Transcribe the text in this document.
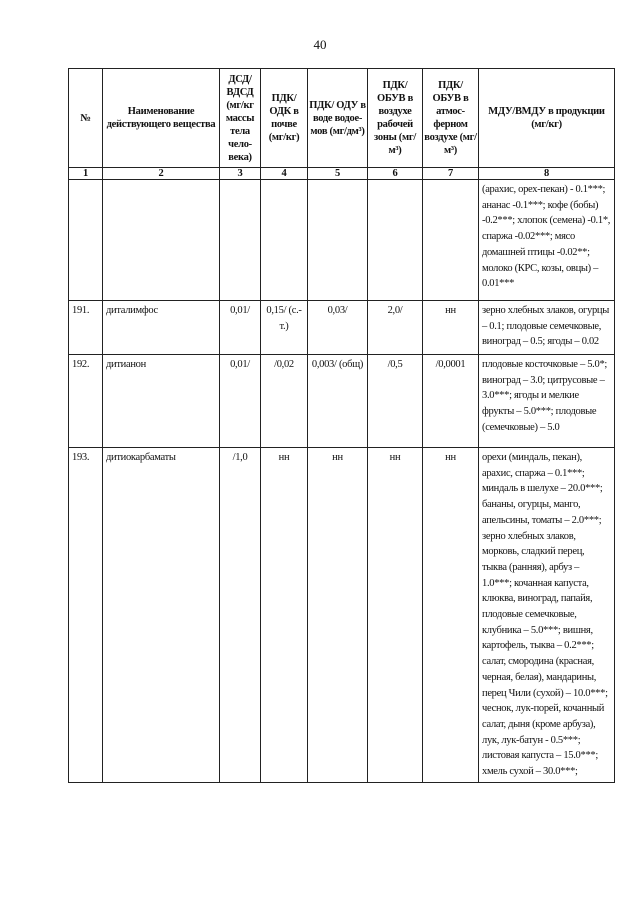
40
№	Наименование действующего вещества	ДСД/ ВДСД (мг/кг массы тела чело- века)	ПДК/ ОДК в почве (мг/кг)	ПДК/ ОДУ в воде водое- мов (мг/дм³)	ПДК/ ОБУВ в воздухе рабочей зоны (мг/м³)	ПДК/ ОБУВ в атмос- ферном воздухе (мг/м³)	МДУ/ВМДУ в продукции (мг/кг)
1	2	3	4	5	6	7	8
							(арахис, орех-пекан) - 0.1***; ананас -0.1***; кофе (бобы) -0.2***; хлопок (семена) -0.1*, спаржа -0.02***; мясо домашней птицы -0.02**; молоко (КРС, козы, овцы) – 0.01***
191.	диталимфос	0,01/	0,15/ (с.-т.)	0,03/	2,0/	нн	зерно хлебных злаков, огурцы – 0.1; плодовые семечковые, виноград – 0.5; ягоды – 0.02
192.	дитианон	0,01/	/0,02	0,003/ (общ)	/0,5	/0,0001	плодовые косточковые – 5.0*; виноград – 3.0; цитрусовые – 3.0***; ягоды и мелкие фрукты – 5.0***; плодовые (семечковые) – 5.0
193.	дитиокарбаматы	/1,0	нн	нн	нн	нн	орехи (миндаль, пекан), арахис, спаржа – 0.1***; миндаль в шелухе – 20.0***; бананы, огурцы, манго, апельсины, томаты – 2.0***; зерно хлебных злаков, морковь, сладкий перец, тыква (ранняя), арбуз – 1.0***; кочанная капуста, клюква, виноград, папайя, плодовые семечковые, клубника – 5.0***; вишня, картофель, тыква – 0.2***; салат, смородина (красная, черная, белая), мандарины, перец Чили (сухой) – 10.0***; чеснок, лук-порей, кочанный салат, дыня (кроме арбуза), лук, лук-батун - 0.5***; листовая капуста – 15.0***; хмель сухой – 30.0***;
